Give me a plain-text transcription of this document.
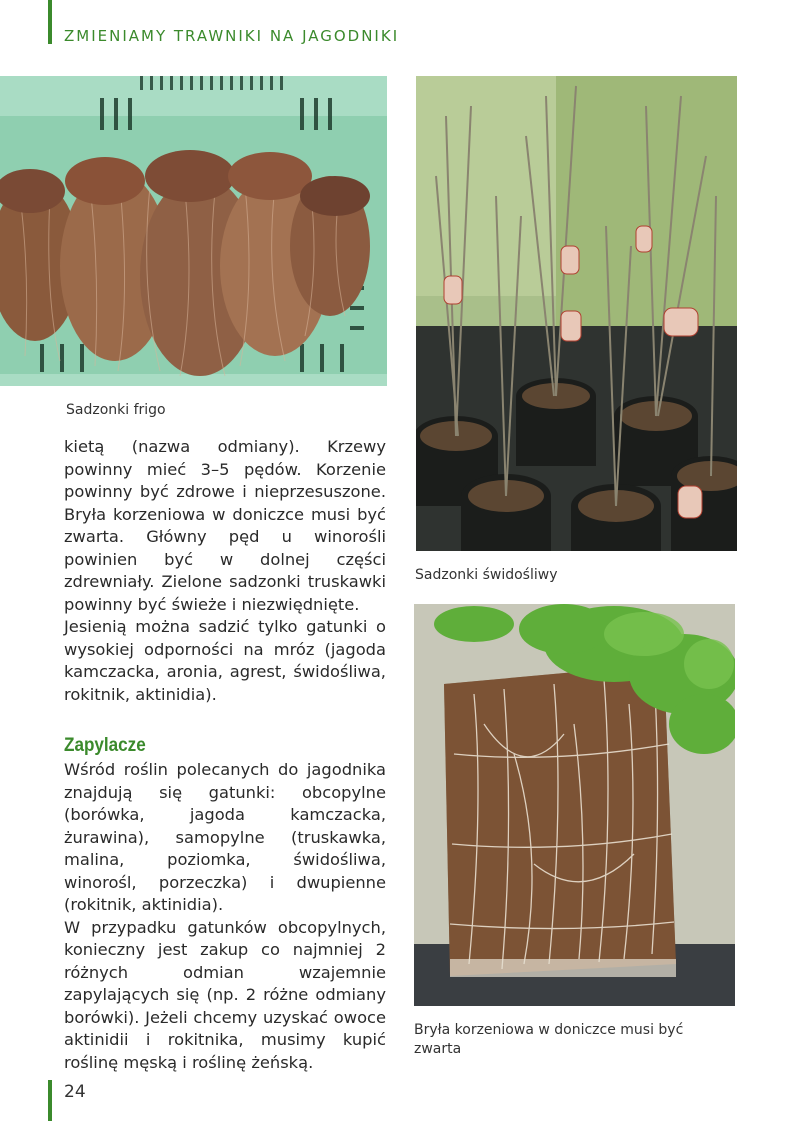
ZMIENIAMY TRAWNIKI NA JAGODNIKI
Sadzonki frigo
Sadzonki świdośliwy
Bryła korzeniowa w doniczce musi być zwarta

kietą (nazwa odmiany). Krzewy powinny mieć 3–5 pędów. Korzenie powinny być zdrowe i nieprzesuszone. Bryła korzeniowa w doniczce musi być zwarta. Główny pęd u winorośli powinien być w dolnej części zdrewniały. Zielone sadzonki truskawki powinny być świeże i niezwiędnięte.

Jesienią można sadzić tylko gatunki o wysokiej odporności na mróz (jagoda kamczacka, aronia, agrest, świdośliwa, rokitnik, aktinidia).

Zapylacze

Wśród roślin polecanych do jagodnika znajdują się gatunki: obcopylne (borówka, jagoda kamczacka, żurawina), samopylne (truskawka, malina, poziomka, świdośliwa, winorośl, porzeczka) i dwupienne (rokitnik, aktinidia).

W przypadku gatunków obcopylnych, konieczny jest zakup co najmniej 2 różnych odmian wzajemnie zapylających się (np. 2 różne odmiany borówki). Jeżeli chcemy uzyskać owoce aktinidii i rokitnika, musimy kupić roślinę męską i roślinę żeńską.

24
